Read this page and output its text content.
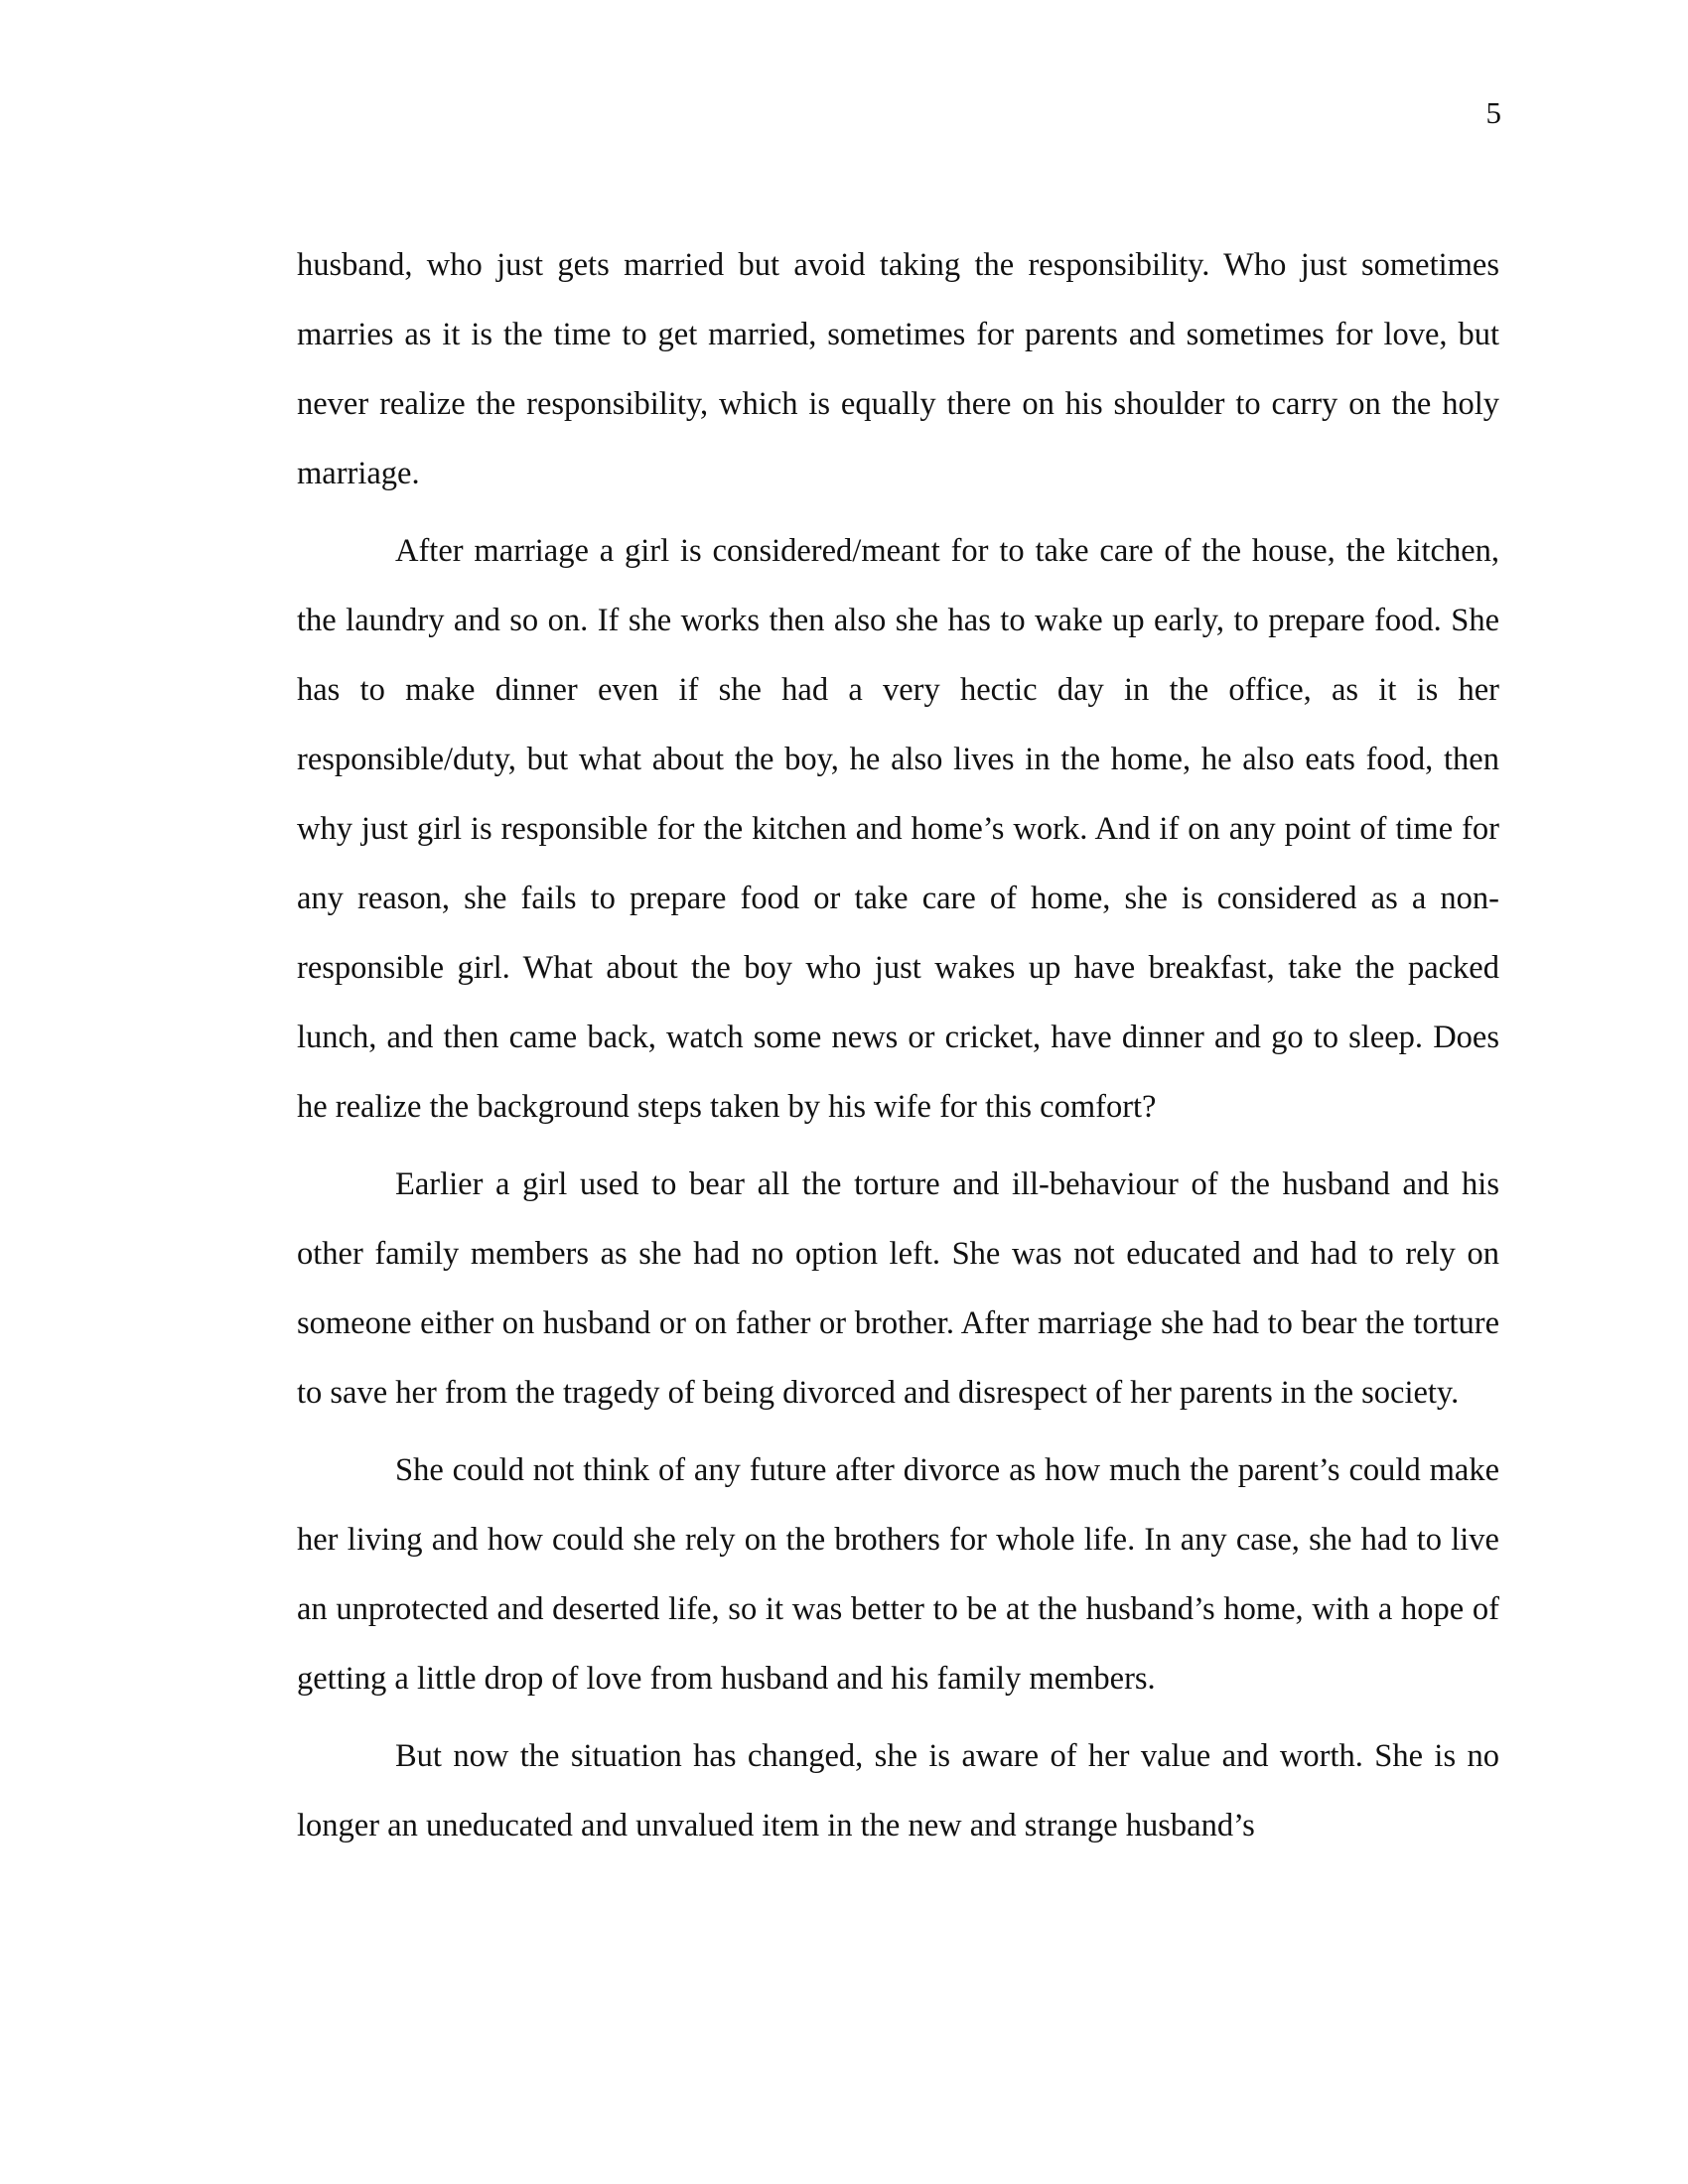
5

husband, who just gets married but avoid taking the responsibility. Who just sometimes marries as it is the time to get married, sometimes for parents and sometimes for love, but never realize the responsibility, which is equally there on his shoulder to carry on the holy marriage.

After marriage a girl is considered/meant for to take care of the house, the kitchen, the laundry and so on. If she works then also she has to wake up early, to prepare food. She has to make dinner even if she had a very hectic day in the office, as it is her responsible/duty, but what about the boy, he also lives in the home, he also eats food, then why just girl is responsible for the kitchen and home’s work. And if on any point of time for any reason, she fails to prepare food or take care of home, she is considered as a non-responsible girl. What about the boy who just wakes up have breakfast, take the packed lunch, and then came back, watch some news or cricket, have dinner and go to sleep. Does he realize the background steps taken by his wife for this comfort?

Earlier a girl used to bear all the torture and ill-behaviour of the husband and his other family members as she had no option left. She was not educated and had to rely on someone either on husband or on father or brother. After marriage she had to bear the torture to save her from the tragedy of being divorced and disrespect of her parents in the society.

She could not think of any future after divorce as how much the parent’s could make her living and how could she rely on the brothers for whole life. In any case, she had to live an unprotected and deserted life, so it was better to be at the husband’s home, with a hope of getting a little drop of love from husband and his family members.

But now the situation has changed, she is aware of her value and worth. She is no longer an uneducated and unvalued item in the new and strange husband’s
